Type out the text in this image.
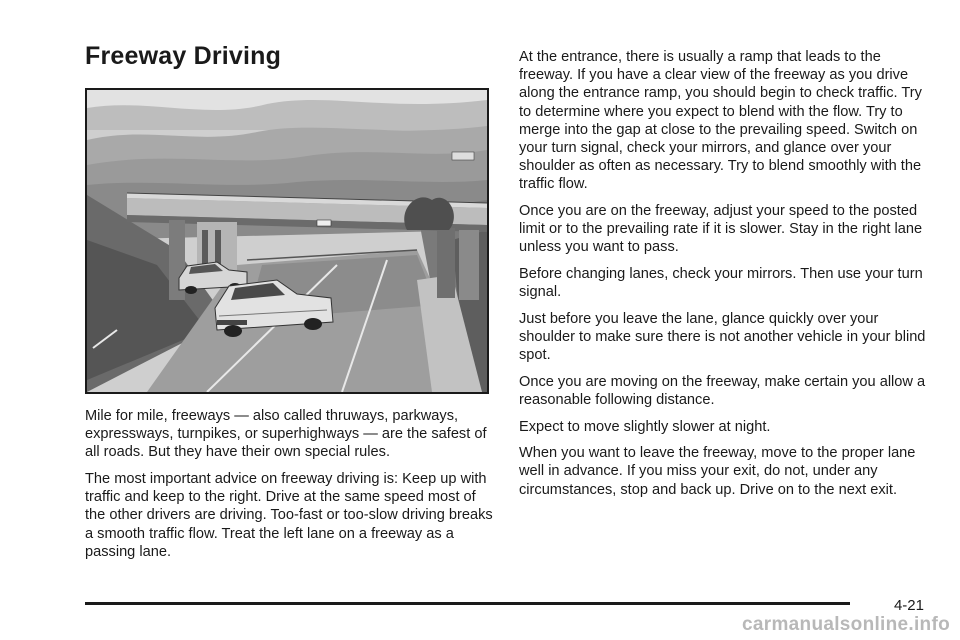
Freeway Driving

Mile for mile, freeways — also called thruways, parkways, expressways, turnpikes, or superhighways — are the safest of all roads. But they have their own special rules.

The most important advice on freeway driving is: Keep up with traffic and keep to the right. Drive at the same speed most of the other drivers are driving. Too-fast or too-slow driving breaks a smooth traffic flow. Treat the left lane on a freeway as a passing lane.

At the entrance, there is usually a ramp that leads to the freeway. If you have a clear view of the freeway as you drive along the entrance ramp, you should begin to check traffic. Try to determine where you expect to blend with the flow. Try to merge into the gap at close to the prevailing speed. Switch on your turn signal, check your mirrors, and glance over your shoulder as often as necessary. Try to blend smoothly with the traffic flow.

Once you are on the freeway, adjust your speed to the posted limit or to the prevailing rate if it is slower. Stay in the right lane unless you want to pass.

Before changing lanes, check your mirrors. Then use your turn signal.

Just before you leave the lane, glance quickly over your shoulder to make sure there is not another vehicle in your blind spot.

Once you are moving on the freeway, make certain you allow a reasonable following distance.

Expect to move slightly slower at night.

When you want to leave the freeway, move to the proper lane well in advance. If you miss your exit, do not, under any circumstances, stop and back up. Drive on to the next exit.

4-21
carmanualsonline.info
